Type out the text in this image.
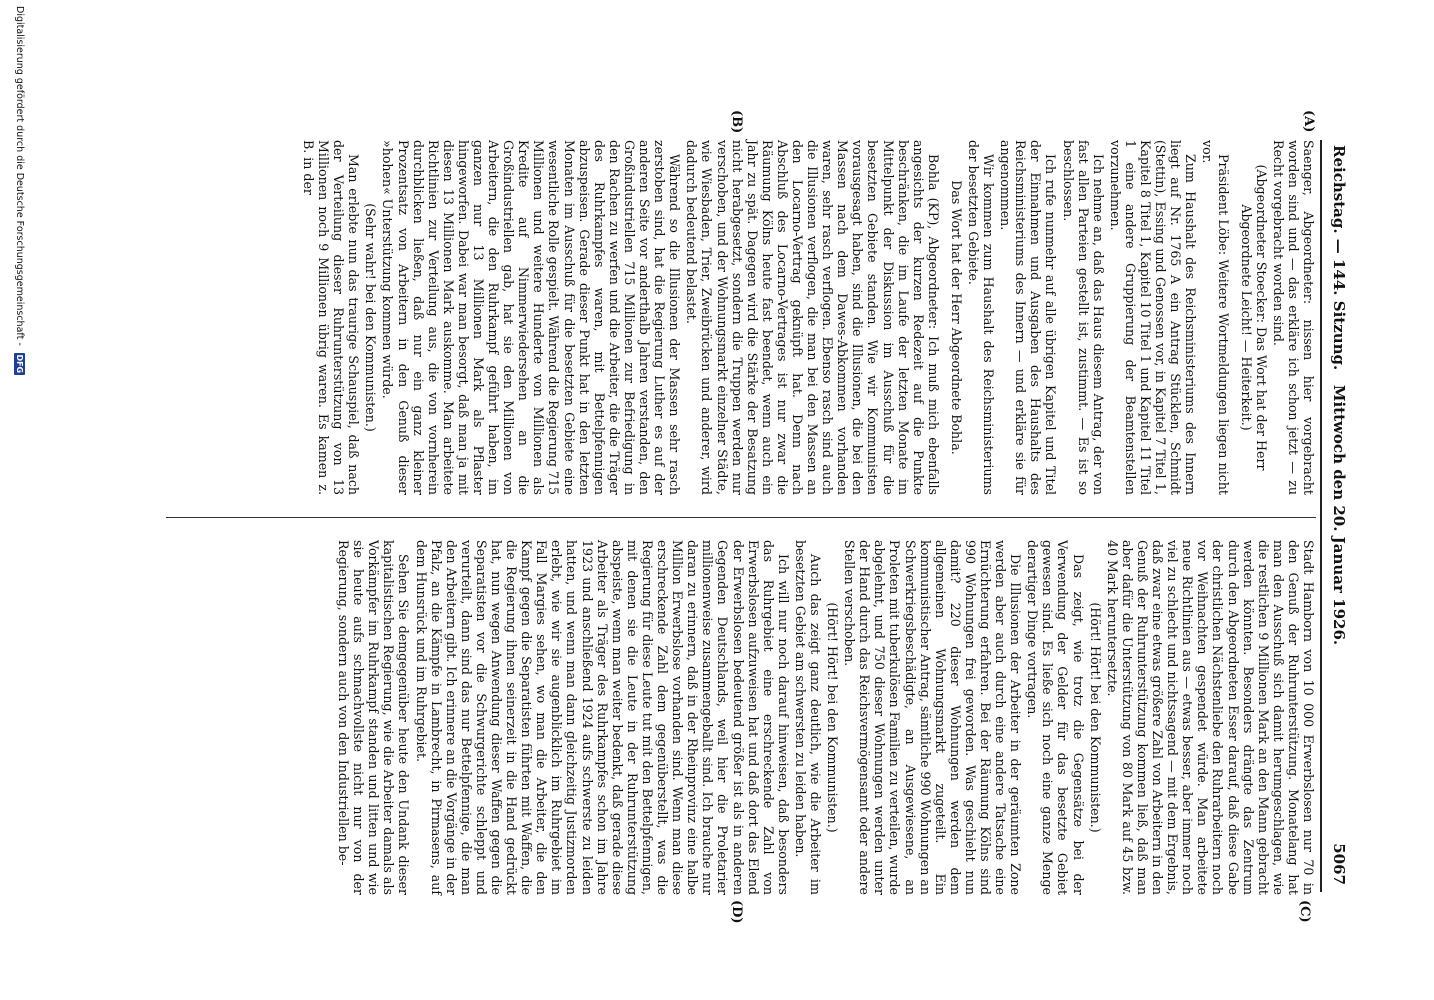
Reichstag. — 144. Sitzung.
Mittwoch den 20. Januar 1926.
5067
(A)
(B)
(C)
(D)

Saenger, Abgeordneter: nissen hier vorgebracht worden sind und — das erkläre ich schon jetzt — zu Recht vorgebracht worden sind.

(Abgeordneter Stoecker: Das Wort hat der Herr Abgeordnete Leicht! — Heiterkeit.)

Präsident Löbe: Weitere Wortmeldungen liegen nicht vor.

Zum Haushalt des Reichsministeriums des Innern liegt auf Nr. 1765 A ein Antrag Stücklen, Schmidt (Stettin), Essing und Genossen vor, in Kapitel 7 Titel 1, Kapitel 8 Titel 1, Kapitel 10 Titel 1 und Kapitel 11 Titel 1 eine andere Gruppierung der Beamtenstellen vorzunehmen.

Ich nehme an, daß das Haus diesem Antrag, der von fast allen Parteien gestellt ist, zustimmt. — Es ist so beschlossen.

Ich rufe nunmehr auf alle übrigen Kapitel und Titel der Einnahmen und Ausgaben des Haushalts des Reichsministeriums des Innern — und erkläre sie für angenommen.

Wir kommen zum Haushalt des Reichsministeriums der besetzten Gebiete.

Das Wort hat der Herr Abgeordnete Bohla.

Bohla (KP), Abgeordneter: Ich muß mich ebenfalls angesichts der kurzen Redezeit auf die Punkte beschränken, die im Laufe der letzten Monate im Mittelpunkt der Diskussion im Ausschuß für die besetzten Gebiete standen. Wie wir Kommunisten vorausgesagt haben, sind die Illusionen, die bei den Massen nach dem Dawes-Abkommen vorhanden waren, sehr rasch verflogen. Ebenso rasch sind auch die Illusionen verflogen, die man bei den Massen an den Locarno-Vertrag geknüpft hat. Denn nach Abschluß des Locarno-Vertrages ist nur zwar die Räumung Kölns heute fast beendet, wenn auch ein Jahr zu spät. Dagegen wird die Stärke der Besatzung nicht herabgesetzt, sondern die Truppen werden nur verschoben, und der Wohnungsmarkt einzelner Städte, wie Wiesbaden, Trier, Zweibrücken und anderer, wird dadurch bedeutend belastet.

Während so die Illusionen der Massen sehr rasch zerstoben sind, hat die Regierung Luther es auf der anderen Seite vor anderthalb Jahren verstanden, den Großindustriellen 715 Millionen zur Befriedigung in den Rachen zu werfen und die Arbeiter, die die Träger des Ruhrkampfes waren, mit Bettelpfennigen abzuspeisen. Gerade dieser Punkt hat in den letzten Monaten im Ausschuß für die besetzten Gebiete eine wesentliche Rolle gespielt. Während die Regierung 715 Millionen und weitere Hunderte von Millionen als Kredite auf Nimmerwiedersehen an die Großindustriellen gab, hat sie den Millionen von Arbeitern, die den Ruhrkampf geführt haben, im ganzen nur 13 Millionen Mark als Pflaster hingeworfen. Dabei war man besorgt, daß man ja mit diesen 13 Millionen Mark auskomme. Man arbeitete Richtlinien zur Verteilung aus, die von vornherein durchblicken ließen, daß nur ein ganz kleiner Prozentsatz von Arbeitern in den Genuß dieser »hohen« Unterstützung kommen würde.

(Sehr wahr! bei den Kommunisten.)

Man erlebte nun das traurige Schauspiel, daß nach der Verteilung dieser Ruhrunterstützung von 13 Millionen noch 9 Millionen übrig waren. Es kamen z. B. in der

Stadt Hamborn von 10 000 Erwerbslosen nur 70 in den Genuß der Ruhrunterstützung. Monatelang hat man den Ausschuß sich damit herumgeschlagen, wie die restlichen 9 Millionen Mark an den Mann gebracht werden könnten. Besonders drängte das Zentrum durch den Abgeordneten Esser darauf, daß diese Gabe der christlichen Nächstenliebe den Ruhrarbeitern noch vor Weihnachten gespendet würde. Man arbeitete neue Richtlinien aus — etwas besser, aber immer noch viel zu schlecht und nichtssagend — mit dem Ergebnis, daß zwar eine etwas größere Zahl von Arbeitern in den Genuß der Ruhrunterstützung kommen ließ, daß man aber dafür die Unterstützung von 80 Mark auf 45 bzw. 40 Mark heruntersetzte.

(Hört! Hört! bei den Kommunisten.)

Das zeigt, wie trotz die Gegensätze bei der Verwendung der Gelder für das besetzte Gebiet gewesen sind. Es ließe sich noch eine ganze Menge derartiger Dinge vortragen.

Die Illusionen der Arbeiter in der geräumten Zone werden aber auch durch eine andere Tatsache eine Ernüchterung erfahren. Bei der Räumung Kölns sind 990 Wohnungen frei geworden. Was geschieht nun damit? 220 dieser Wohnungen werden dem allgemeinen Wohnungsmarkt zugeteilt. Ein kommunistischer Antrag, sämtliche 990 Wohnungen an Schwerkriegsbeschädigte, an Ausgewiesene, an Proleten mit tuberkulösen Familien zu verteilen, wurde abgelehnt, und 750 dieser Wohnungen werden unter der Hand durch das Reichsvermögensamt oder andere Stellen verschoben.

(Hört! Hört! bei den Kommunisten.)

Auch das zeigt ganz deutlich, wie die Arbeiter im besetzten Gebiet am schwersten zu leiden haben.

Ich will nur noch darauf hinweisen, daß besonders das Ruhrgebiet eine erschreckende Zahl von Erwerbslosen aufzuweisen hat und daß dort das Elend der Erwerbslosen bedeutend größer ist als in anderen Gegenden Deutschlands, weil hier die Proletarier millionenweise zusammengeballt sind. Ich brauche nur daran zu erinnern, daß in der Rheinprovinz eine halbe Million Erwerbslose vorhanden sind. Wenn man diese erschreckende Zahl dem gegenüberstellt, was die Regierung für diese Leute tut mit den Bettelpfennigen, mit denen sie die Leute in der Ruhrunterstützung abspeiste, wenn man weiter bedenkt, daß gerade diese Arbeiter als Träger des Ruhrkampfes schon im Jahre 1923 und anschließend 1924 aufs schwerste zu leiden hatten, und wenn man dann gleichzeitig Justizmorden erlebt, wie wir sie augenblicklich im Ruhrgebiet im Fall Margies sehen, wo man die Arbeiter, die den Kampf gegen die Separatisten führten mit Waffen, die die Regierung ihnen seinerzeit in die Hand gedrückt hat, nun wegen Anwendung dieser Waffen gegen die Separatisten vor die Schwurgerichte schleppt und verurteilt, dann sind das nur Bettelpfennige, die man den Arbeitern gibt. Ich erinnere an die Vorgänge in der Pfalz, an die Kämpfe in Lambrecht, in Pirmasens, auf dem Hunsrück und im Ruhrgebiet.

Sehen Sie demgegenüber heute den Undank dieser kapitalistischen Regierung, wie die Arbeiter damals als Vorkämpfer im Ruhrkampf standen und litten und wie sie heute aufs schmachvollste nicht nur von der Regierung, sondern auch von den Industriellen be-

Digitalisierung gefördert durch die Deutsche Forschungsgemeinschaft - DFG
